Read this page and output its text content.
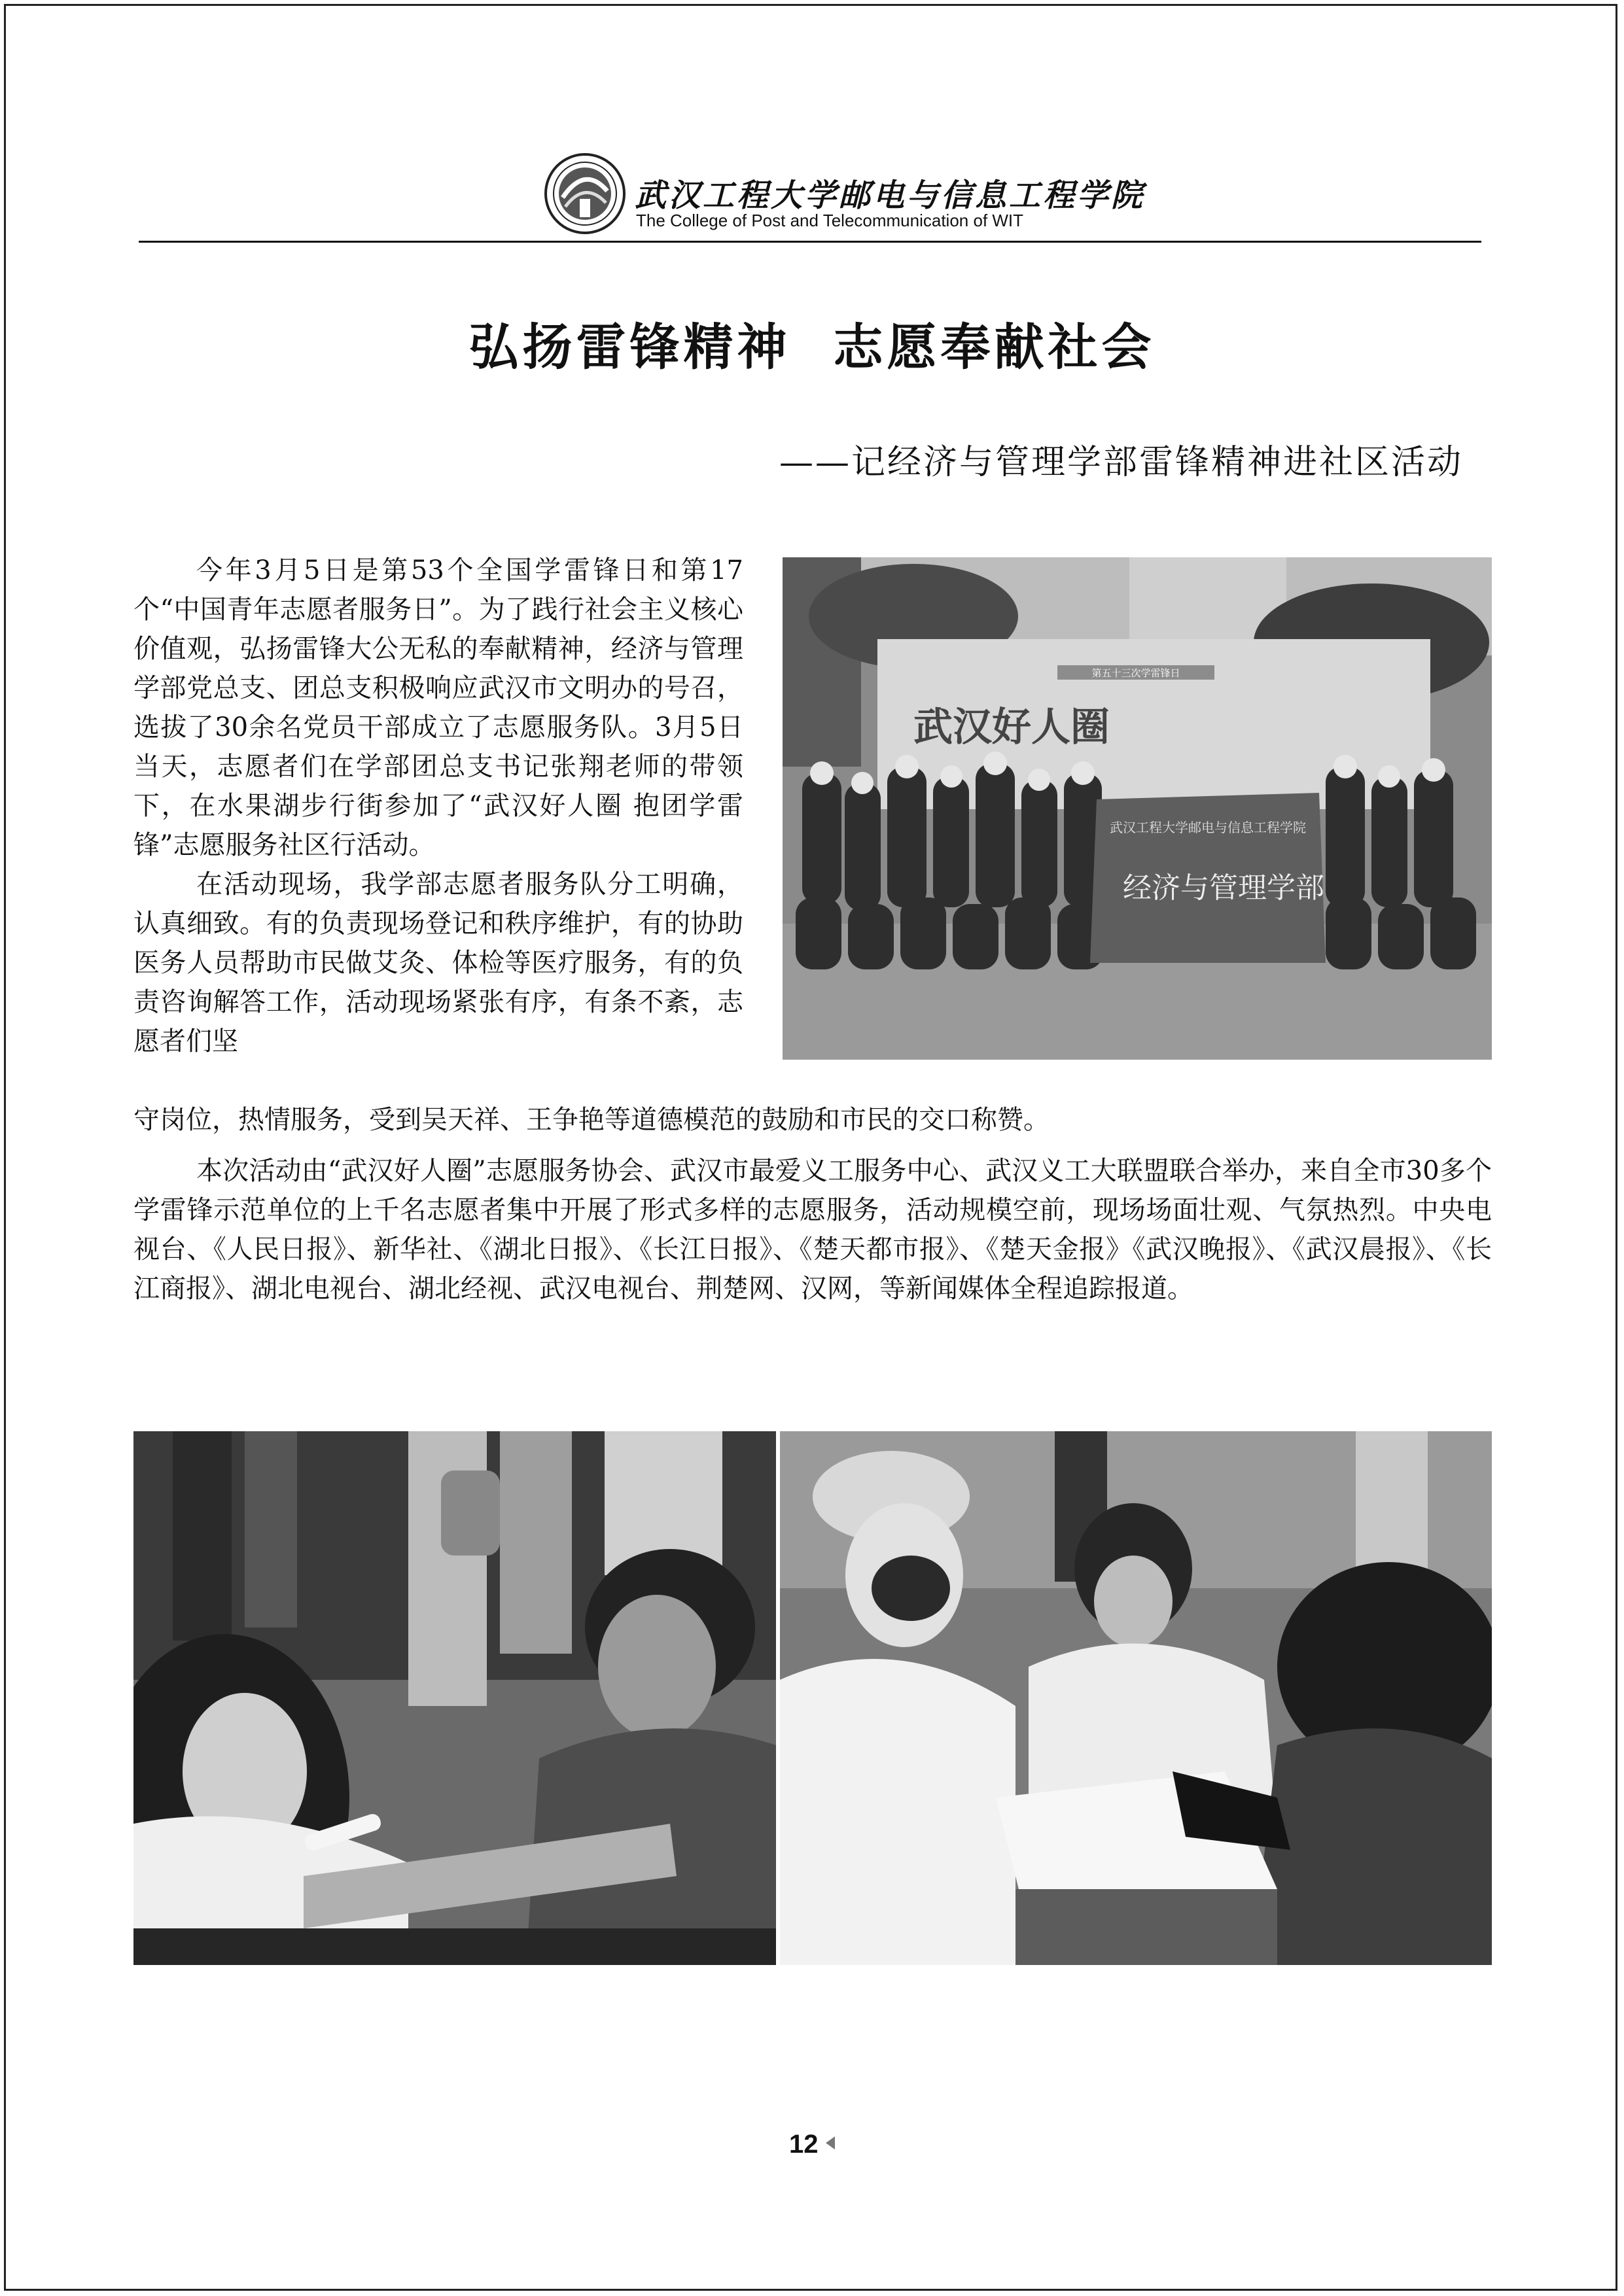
武汉工程大学邮电与信息工程学院
The College of Post and Telecommunication of WIT
弘扬雷锋精神  志愿奉献社会
——记经济与管理学部雷锋精神进社区活动

今年3月5日是第53个全国学雷锋日和第17个“中国青年志愿者服务日”。为了践行社会主义核心价值观，弘扬雷锋大公无私的奉献精神，经济与管理学部党总支、团总支积极响应武汉市文明办的号召，选拔了30余名党员干部成立了志愿服务队。3月5日当天，志愿者们在学部团总支书记张翔老师的带领下，在水果湖步行街参加了“武汉好人圈 抱团学雷锋”志愿服务社区行活动。

在活动现场，我学部志愿者服务队分工明确，认真细致。有的负责现场登记和秩序维护，有的协助医务人员帮助市民做艾灸、体检等医疗服务，有的负责咨询解答工作，活动现场紧张有序，有条不紊，志愿者们坚

守岗位，热情服务，受到吴天祥、王争艳等道德模范的鼓励和市民的交口称赞。

本次活动由“武汉好人圈”志愿服务协会、武汉市最爱义工服务中心、武汉义工大联盟联合举办，来自全市30多个学雷锋示范单位的上千名志愿者集中开展了形式多样的志愿服务，活动规模空前，现场场面壮观、气氛热烈。中央电视台、《人民日报》、新华社、《湖北日报》、《长江日报》、《楚天都市报》、《楚天金报》《武汉晚报》、《武汉晨报》、《长江商报》、湖北电视台、湖北经视、武汉电视台、荆楚网、汉网，等新闻媒体全程追踪报道。

第五十三次学雷锋日
武汉好人圈
武汉工程大学邮电与信息工程学院
经济与管理学部
12
